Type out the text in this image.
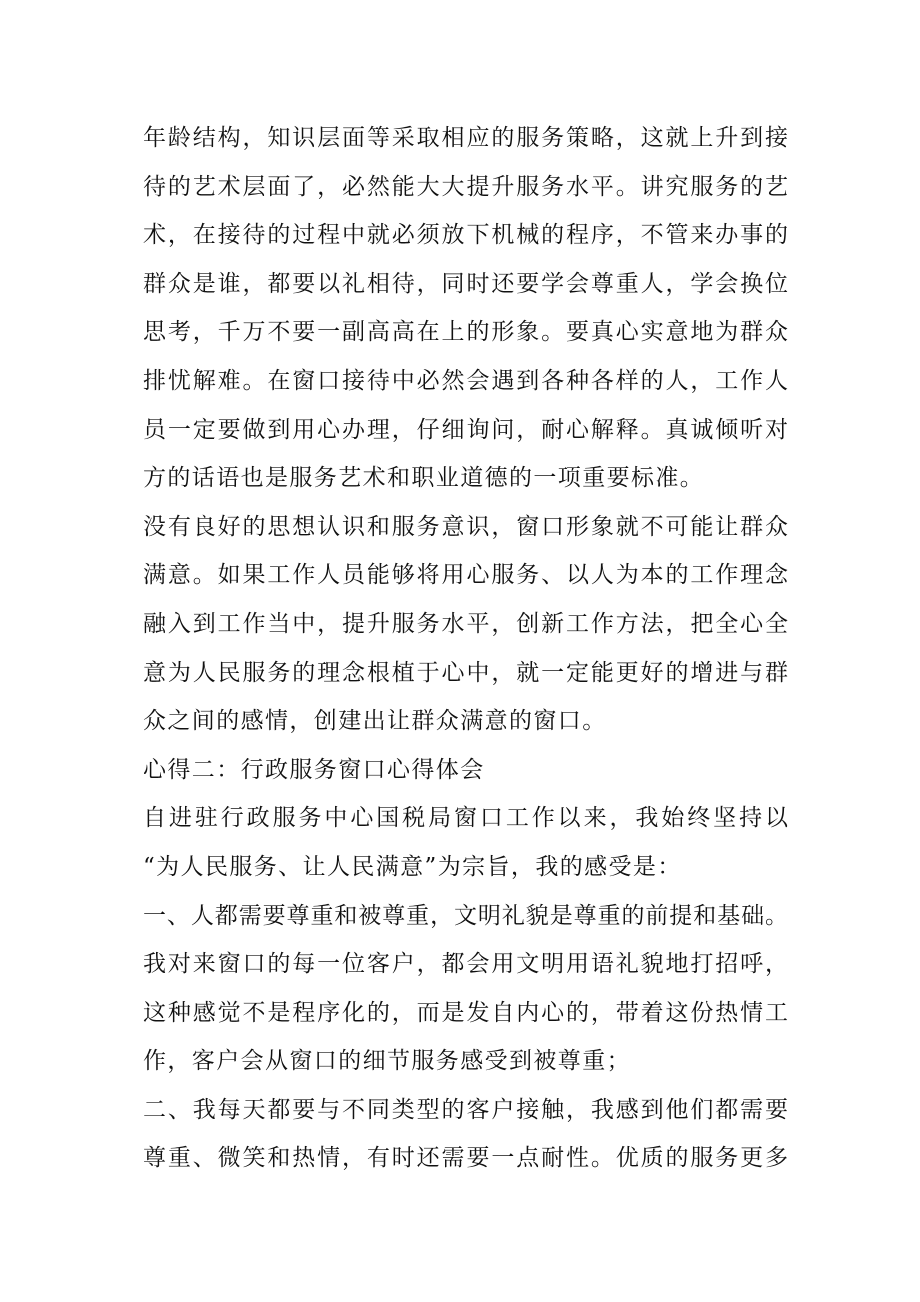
年龄结构，知识层面等采取相应的服务策略，这就上升到接
待的艺术层面了，必然能大大提升服务水平。讲究服务的艺
术，在接待的过程中就必须放下机械的程序，不管来办事的
群众是谁，都要以礼相待，同时还要学会尊重人，学会换位
思考，千万不要一副高高在上的形象。要真心实意地为群众
排忧解难。在窗口接待中必然会遇到各种各样的人，工作人
员一定要做到用心办理，仔细询问，耐心解释。真诚倾听对
方的话语也是服务艺术和职业道德的一项重要标准。
没有良好的思想认识和服务意识，窗口形象就不可能让群众
满意。如果工作人员能够将用心服务、以人为本的工作理念
融入到工作当中，提升服务水平，创新工作方法，把全心全
意为人民服务的理念根植于心中，就一定能更好的增进与群
众之间的感情，创建出让群众满意的窗口。
心得二：行政服务窗口心得体会
自进驻行政服务中心国税局窗口工作以来，我始终坚持以
“为人民服务、让人民满意”为宗旨，我的感受是：
一、人都需要尊重和被尊重，文明礼貌是尊重的前提和基础。
我对来窗口的每一位客户，都会用文明用语礼貌地打招呼，
这种感觉不是程序化的，而是发自内心的，带着这份热情工
作，客户会从窗口的细节服务感受到被尊重；
二、我每天都要与不同类型的客户接触，我感到他们都需要
尊重、微笑和热情，有时还需要一点耐性。优质的服务更多
